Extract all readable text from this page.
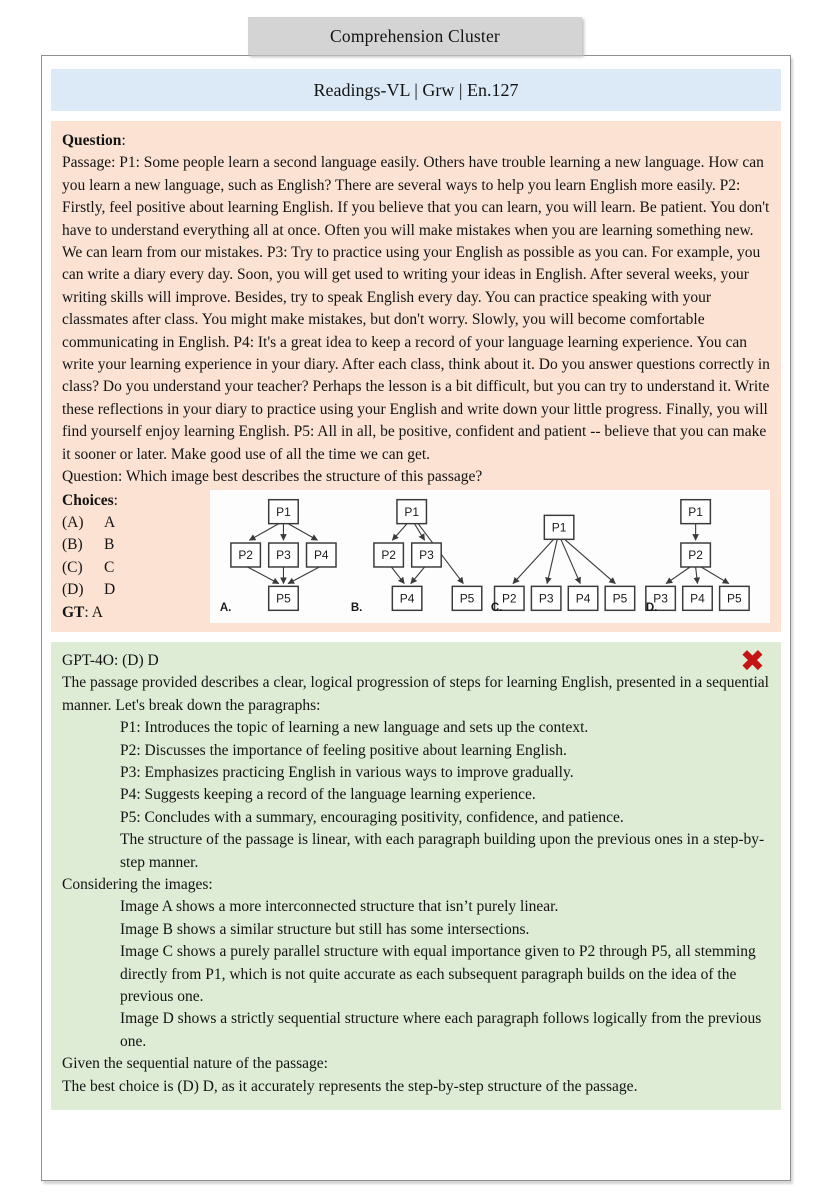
Comprehension Cluster
Readings-VL | Grw | En.127

Question:

Passage: P1: Some people learn a second language easily. Others have trouble learning a new language. How can you learn a new language, such as English? There are several ways to help you learn English more easily. P2: Firstly, feel positive about learning English. If you believe that you can learn, you will learn. Be patient. You don't have to understand everything all at once. Often you will make mistakes when you are learning something new. We can learn from our mistakes. P3: Try to practice using your English as possible as you can. For example, you can write a diary every day. Soon, you will get used to writing your ideas in English. After several weeks, your writing skills will improve. Besides, try to speak English every day. You can practice speaking with your classmates after class. You might make mistakes, but don't worry. Slowly, you will become comfortable communicating in English. P4: It's a great idea to keep a record of your language learning experience. You can write your learning experience in your diary. After each class, think about it. Do you answer questions correctly in class? Do you understand your teacher? Perhaps the lesson is a bit difficult, but you can try to understand it. Write these reflections in your diary to practice using your English and write down your little progress. Finally, you will find yourself enjoy learning English. P5: All in all, be positive, confident and patient -- believe that you can make it sooner or later. Make good use of all the time we can get.

Question: Which image best describes the structure of this passage?

Choices:

(A) A

(B) B

(C) C

(D) D

GT: A

P1
P2 P3 P4
P5
A.
P1
P2 P3
P4	P5
B.
P1
P2 P3 P4 P5
C.
P1
P2
P3 P4 P5
D.
✖

GPT-4O: (D) D

The passage provided describes a clear, logical progression of steps for learning English, presented in a sequential manner. Let's break down the paragraphs:

P1: Introduces the topic of learning a new language and sets up the context.

P2: Discusses the importance of feeling positive about learning English.

P3: Emphasizes practicing English in various ways to improve gradually.

P4: Suggests keeping a record of the language learning experience.

P5: Concludes with a summary, encouraging positivity, confidence, and patience.

The structure of the passage is linear, with each paragraph building upon the previous ones in a step-by-step manner.

Considering the images:

Image A shows a more interconnected structure that isn’t purely linear.

Image B shows a similar structure but still has some intersections.

Image C shows a purely parallel structure with equal importance given to P2 through P5, all stemming directly from P1, which is not quite accurate as each subsequent paragraph builds on the idea of the previous one.

Image D shows a strictly sequential structure where each paragraph follows logically from the previous one.

Given the sequential nature of the passage:

The best choice is (D) D, as it accurately represents the step-by-step structure of the passage.
